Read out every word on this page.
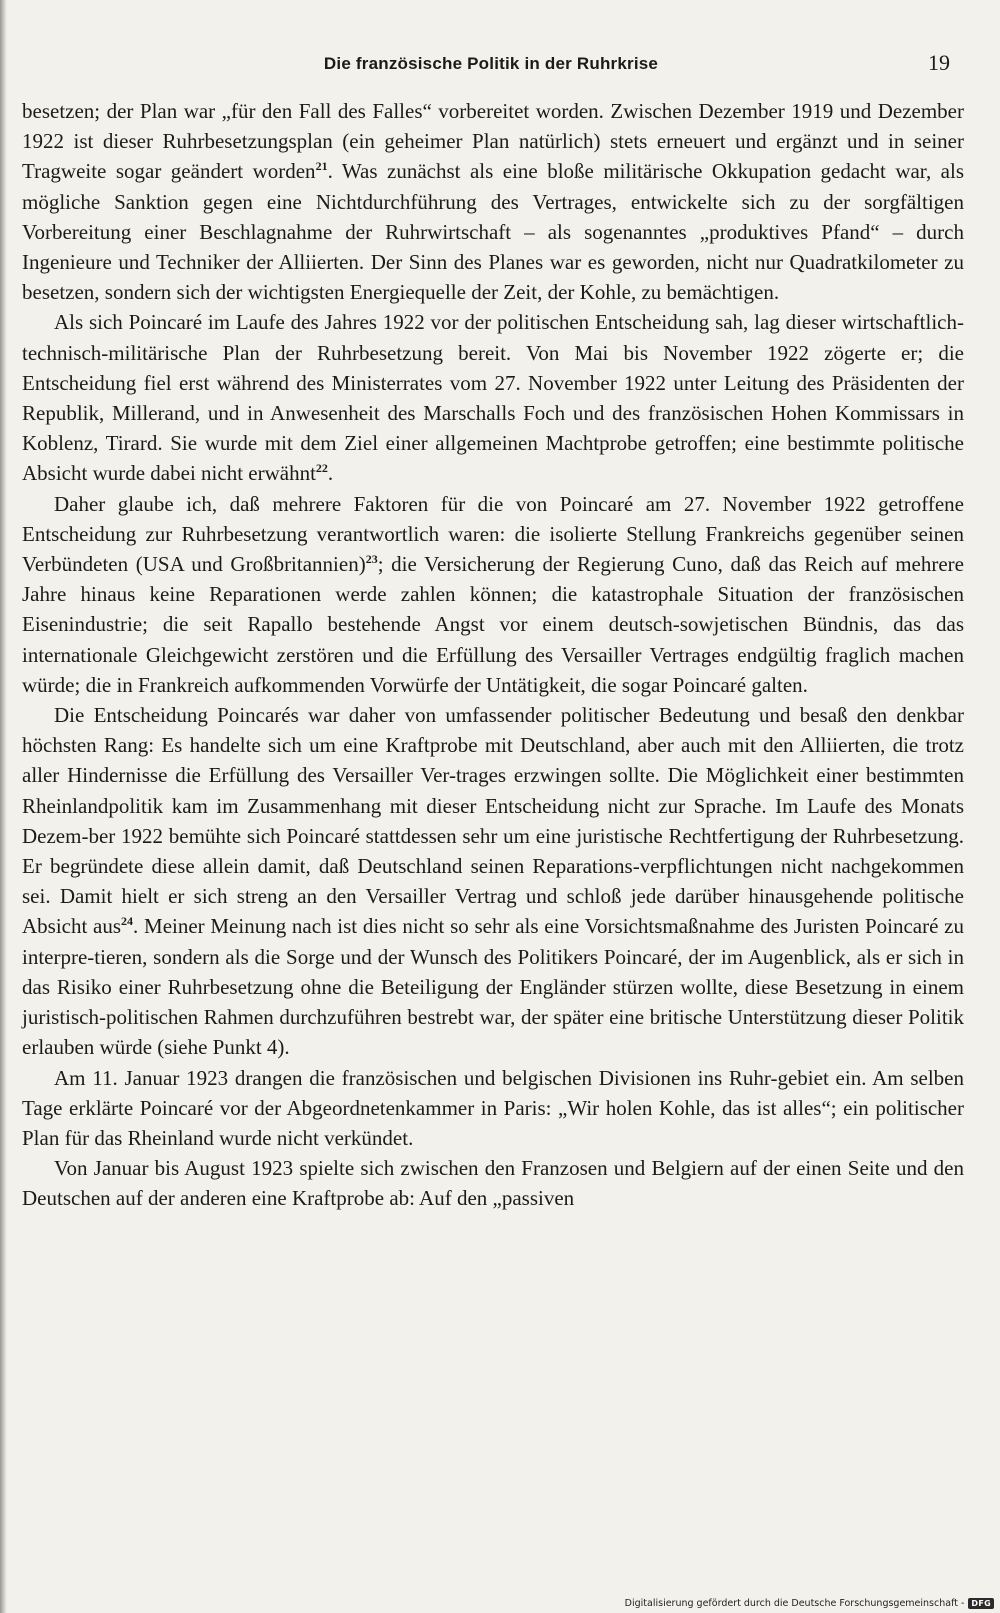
Die französische Politik in der Ruhrkrise	19

besetzen; der Plan war „für den Fall des Falles“ vorbereitet worden. Zwischen Dezember 1919 und Dezember 1922 ist dieser Ruhrbesetzungsplan (ein geheimer Plan natürlich) stets erneuert und ergänzt und in seiner Tragweite sogar geändert worden$^{21}$. Was zunächst als eine bloße militärische Okkupation gedacht war, als mögliche Sanktion gegen eine Nichtdurchführung des Vertrages, entwickelte sich zu der sorgfältigen Vorbereitung einer Beschlagnahme der Ruhrwirtschaft – als sogenanntes „produktives Pfand“ – durch Ingenieure und Techniker der Alliierten. Der Sinn des Planes war es geworden, nicht nur Quadratkilometer zu besetzen, sondern sich der wichtigsten Energiequelle der Zeit, der Kohle, zu bemächtigen.

Als sich Poincaré im Laufe des Jahres 1922 vor der politischen Entscheidung sah, lag dieser wirtschaftlich-technisch-militärische Plan der Ruhrbesetzung bereit. Von Mai bis November 1922 zögerte er; die Entscheidung fiel erst während des Ministerrates vom 27. November 1922 unter Leitung des Präsidenten der Republik, Millerand, und in Anwesenheit des Marschalls Foch und des französischen Hohen Kommissars in Koblenz, Tirard. Sie wurde mit dem Ziel einer allgemeinen Machtprobe getroffen; eine bestimmte politische Absicht wurde dabei nicht erwähnt$^{22}$.

Daher glaube ich, daß mehrere Faktoren für die von Poincaré am 27. November 1922 getroffene Entscheidung zur Ruhrbesetzung verantwortlich waren: die isolierte Stellung Frankreichs gegenüber seinen Verbündeten (USA und Großbritannien)$^{23}$; die Versicherung der Regierung Cuno, daß das Reich auf mehrere Jahre hinaus keine Reparationen werde zahlen können; die katastrophale Situation der französischen Eisenindustrie; die seit Rapallo bestehende Angst vor einem deutsch-sowjetischen Bündnis, das das internationale Gleichgewicht zerstören und die Erfüllung des Versailler Vertrages endgültig fraglich machen würde; die in Frankreich aufkommenden Vorwürfe der Untätigkeit, die sogar Poincaré galten.

Die Entscheidung Poincarés war daher von umfassender politischer Bedeutung und besaß den denkbar höchsten Rang: Es handelte sich um eine Kraftprobe mit Deutschland, aber auch mit den Alliierten, die trotz aller Hindernisse die Erfüllung des Versailler Ver-trages erzwingen sollte. Die Möglichkeit einer bestimmten Rheinlandpolitik kam im Zusammenhang mit dieser Entscheidung nicht zur Sprache. Im Laufe des Monats Dezem-ber 1922 bemühte sich Poincaré stattdessen sehr um eine juristische Rechtfertigung der Ruhrbesetzung. Er begründete diese allein damit, daß Deutschland seinen Reparations-verpflichtungen nicht nachgekommen sei. Damit hielt er sich streng an den Versailler Vertrag und schloß jede darüber hinausgehende politische Absicht aus$^{24}$. Meiner Meinung nach ist dies nicht so sehr als eine Vorsichtsmaßnahme des Juristen Poincaré zu interpre-tieren, sondern als die Sorge und der Wunsch des Politikers Poincaré, der im Augenblick, als er sich in das Risiko einer Ruhrbesetzung ohne die Beteiligung der Engländer stürzen wollte, diese Besetzung in einem juristisch-politischen Rahmen durchzuführen bestrebt war, der später eine britische Unterstützung dieser Politik erlauben würde (siehe Punkt 4).

Am 11. Januar 1923 drangen die französischen und belgischen Divisionen ins Ruhr-gebiet ein. Am selben Tage erklärte Poincaré vor der Abgeordnetenkammer in Paris: „Wir holen Kohle, das ist alles“; ein politischer Plan für das Rheinland wurde nicht verkündet.

Von Januar bis August 1923 spielte sich zwischen den Franzosen und Belgiern auf der einen Seite und den Deutschen auf der anderen eine Kraftprobe ab: Auf den „passiven

Digitalisierung gefördert durch die Deutsche Forschungsgemeinschaft - DFG
